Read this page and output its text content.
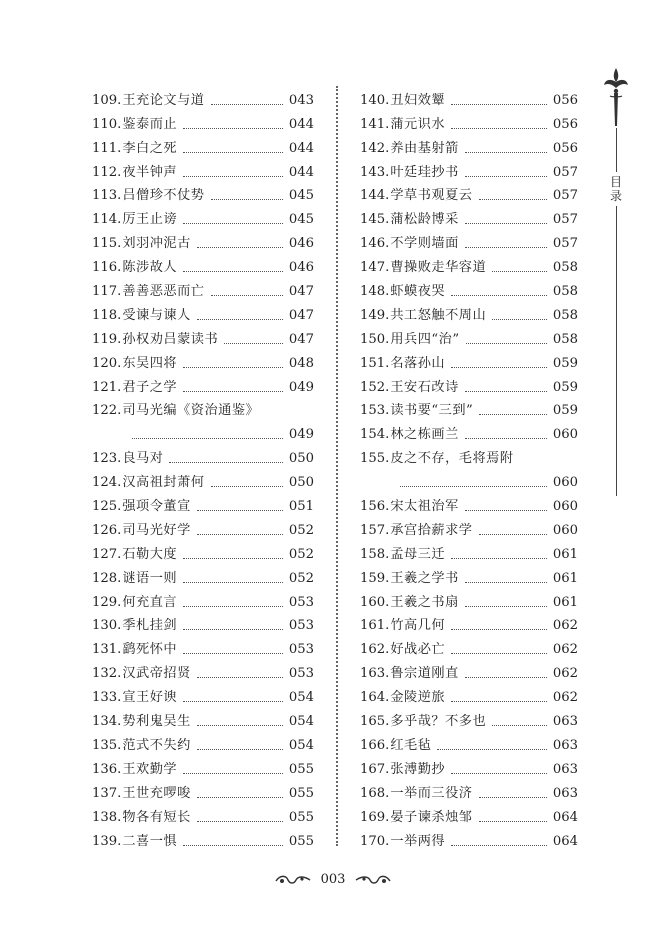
109. 王充论文与道	043
110. 鉴泰而止	044
111. 李白之死	044
112. 夜半钟声	044
113. 吕僧珍不仗势	045
114. 厉王止谤	045
115. 刘羽冲泥古	046
116. 陈涉故人	046
117. 善善恶恶而亡	047
118. 受谏与谏人	047
119. 孙权劝吕蒙读书	047
120. 东吴四将	048
121. 君子之学	049
122. 司马光编《资治通鉴》
049
123. 良马对	050
124. 汉高祖封萧何	050
125. 强项令董宣	051
126. 司马光好学	052
127. 石勒大度	052
128. 谜语一则	052
129. 何充直言	053
130. 季札挂剑	053
131. 鹞死怀中	053
132. 汉武帝招贤	053
133. 宣王好谀	054
134. 势利鬼吴生	054
135. 范式不失约	054
136. 王欢勤学	055
137. 王世充啰唆	055
138. 物各有短长	055
139. 二喜一惧	055
140. 丑妇效颦	056
141. 蒲元识水	056
142. 养由基射箭	056
143. 叶廷珪抄书	057
144. 学草书观夏云	057
145. 蒲松龄博采	057
146. 不学则墙面	057
147. 曹操败走华容道	058
148. 虾蟆夜哭	058
149. 共工怒触不周山	058
150. 用兵四“治”	058
151. 名落孙山	059
152. 王安石改诗	059
153. 读书要“三到”	059
154. 林之栋画兰	060
155. 皮之不存，毛将焉附
060
156. 宋太祖治军	060
157. 承宫拾薪求学	060
158. 孟母三迁	061
159. 王羲之学书	061
160. 王羲之书扇	061
161. 竹高几何	062
162. 好战必亡	062
163. 鲁宗道刚直	062
164. 金陵逆旅	062
165. 多乎哉？不多也	063
166. 红毛毡	063
167. 张溥勤抄	063
168. 一举而三役济	063
169. 晏子谏杀烛邹	064
170. 一举两得	064
目录
003
